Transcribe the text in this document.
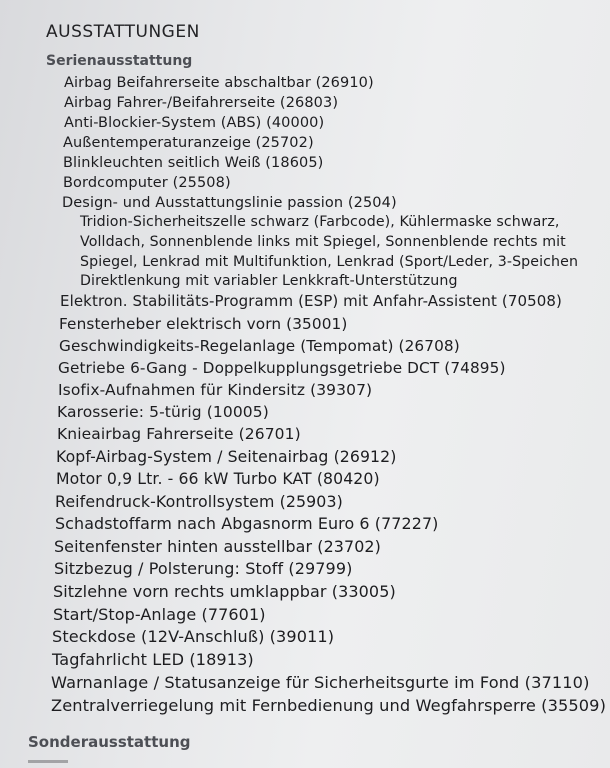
AUSSTATTUNGEN
Serienausstattung
Airbag Beifahrerseite abschaltbar (26910)
Airbag Fahrer-/Beifahrerseite (26803)
Anti-Blockier-System (ABS) (40000)
Außentemperaturanzeige (25702)
Blinkleuchten seitlich Weiß (18605)
Bordcomputer (25508)
Design- und Ausstattungslinie passion (2504)
Tridion-Sicherheitszelle schwarz (Farbcode), Kühlermaske schwarz,
Volldach, Sonnenblende links mit Spiegel, Sonnenblende rechts mit
Spiegel, Lenkrad mit Multifunktion, Lenkrad (Sport/Leder, 3-Speichen
Direktlenkung mit variabler Lenkkraft-Unterstützung
Elektron. Stabilitäts-Programm (ESP) mit Anfahr-Assistent (70508)
Fensterheber elektrisch vorn (35001)
Geschwindigkeits-Regelanlage (Tempomat) (26708)
Getriebe 6-Gang - Doppelkupplungsgetriebe DCT (74895)
Isofix-Aufnahmen für Kindersitz (39307)
Karosserie: 5-türig (10005)
Knieairbag Fahrerseite (26701)
Kopf-Airbag-System / Seitenairbag (26912)
Motor 0,9 Ltr. - 66 kW Turbo KAT (80420)
Reifendruck-Kontrollsystem (25903)
Schadstoffarm nach Abgasnorm Euro 6 (77227)
Seitenfenster hinten ausstellbar (23702)
Sitzbezug / Polsterung: Stoff (29799)
Sitzlehne vorn rechts umklappbar (33005)
Start/Stop-Anlage (77601)
Steckdose (12V-Anschluß) (39011)
Tagfahrlicht LED (18913)
Warnanlage / Statusanzeige für Sicherheitsgurte im Fond (37110)
Zentralverriegelung mit Fernbedienung und Wegfahrsperre (35509)
Sonderausstattung
